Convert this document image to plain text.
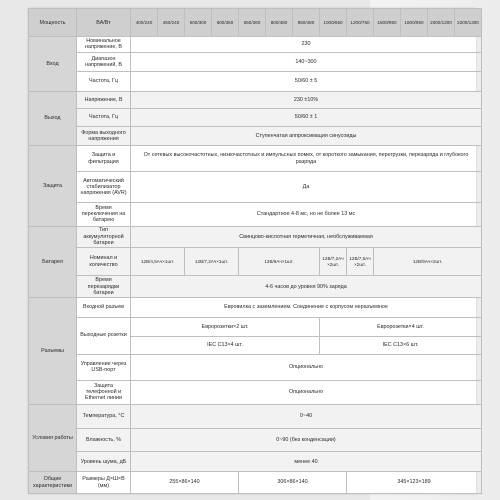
Мощность	ВА/Вт	400/240	450/240	500/300	600/360	650/360	800/480	850/480	1000/650	1200/750	1500/950	1800/950	2000/1200	2200/1300
Вход	Номинальное напряжение, В	230												
	Диапазон напряжений, В	140~300												
	Частота, Гц	50/60 ± 5												
Выход	Напряжение, В	230 ±10%												
	Частота, Гц	50/60 ± 1												
	Форма выходного напряжения	Ступенчатая аппроксимация синусоиды												
Защита	Защита и фильтрация	От сетевых высокочастотных, низкочастотных и импульсных помех, от короткого замыкания, перегрузки, перезаряда и глубокого разряда												
	Автоматический стабилизатор напряжения (AVR)	Да												
	Время переключения на батарею	Стандартное 4-8 мс, но не более 13 мс												
Батарея	Тип аккумуляторной батареи	Свинцово-кислотная герметичная, необслуживаемая												
	Номинал и количество	12В/4,5Ач×1шт.		12В/7,2Ач×1шт.		12В/9Ач×1шт.			12В/7,2Ач ×2шт.	12В/7,5Ач ×2шт.	12В/9Ач×2шт.			
	Время перезарядки батареи	4-6 часов до уровня 90% заряда												
Разъемы	Входной разъем	Евровилка с заземлением. Соединение с корпусом неразъемное												
	Выходные розетки	Евророзетки×2 шт.							Евророзетки×4 шт.					
		IEC C13×4 шт.							IEC C13×6 шт.					
	Управление через USB-порт	Опционально												
	Защита телефонной и Ethernet линии	Опционально												
Условия работы	Температура, °С	0~40												
	Влажность, %	0~90 (без конденсации)												
	Уровень шума, дБ	менее 40												
Общие характеристики	Размеры Д×Ш×В (мм)	255×86×140				306×86×140				345×123×189				
